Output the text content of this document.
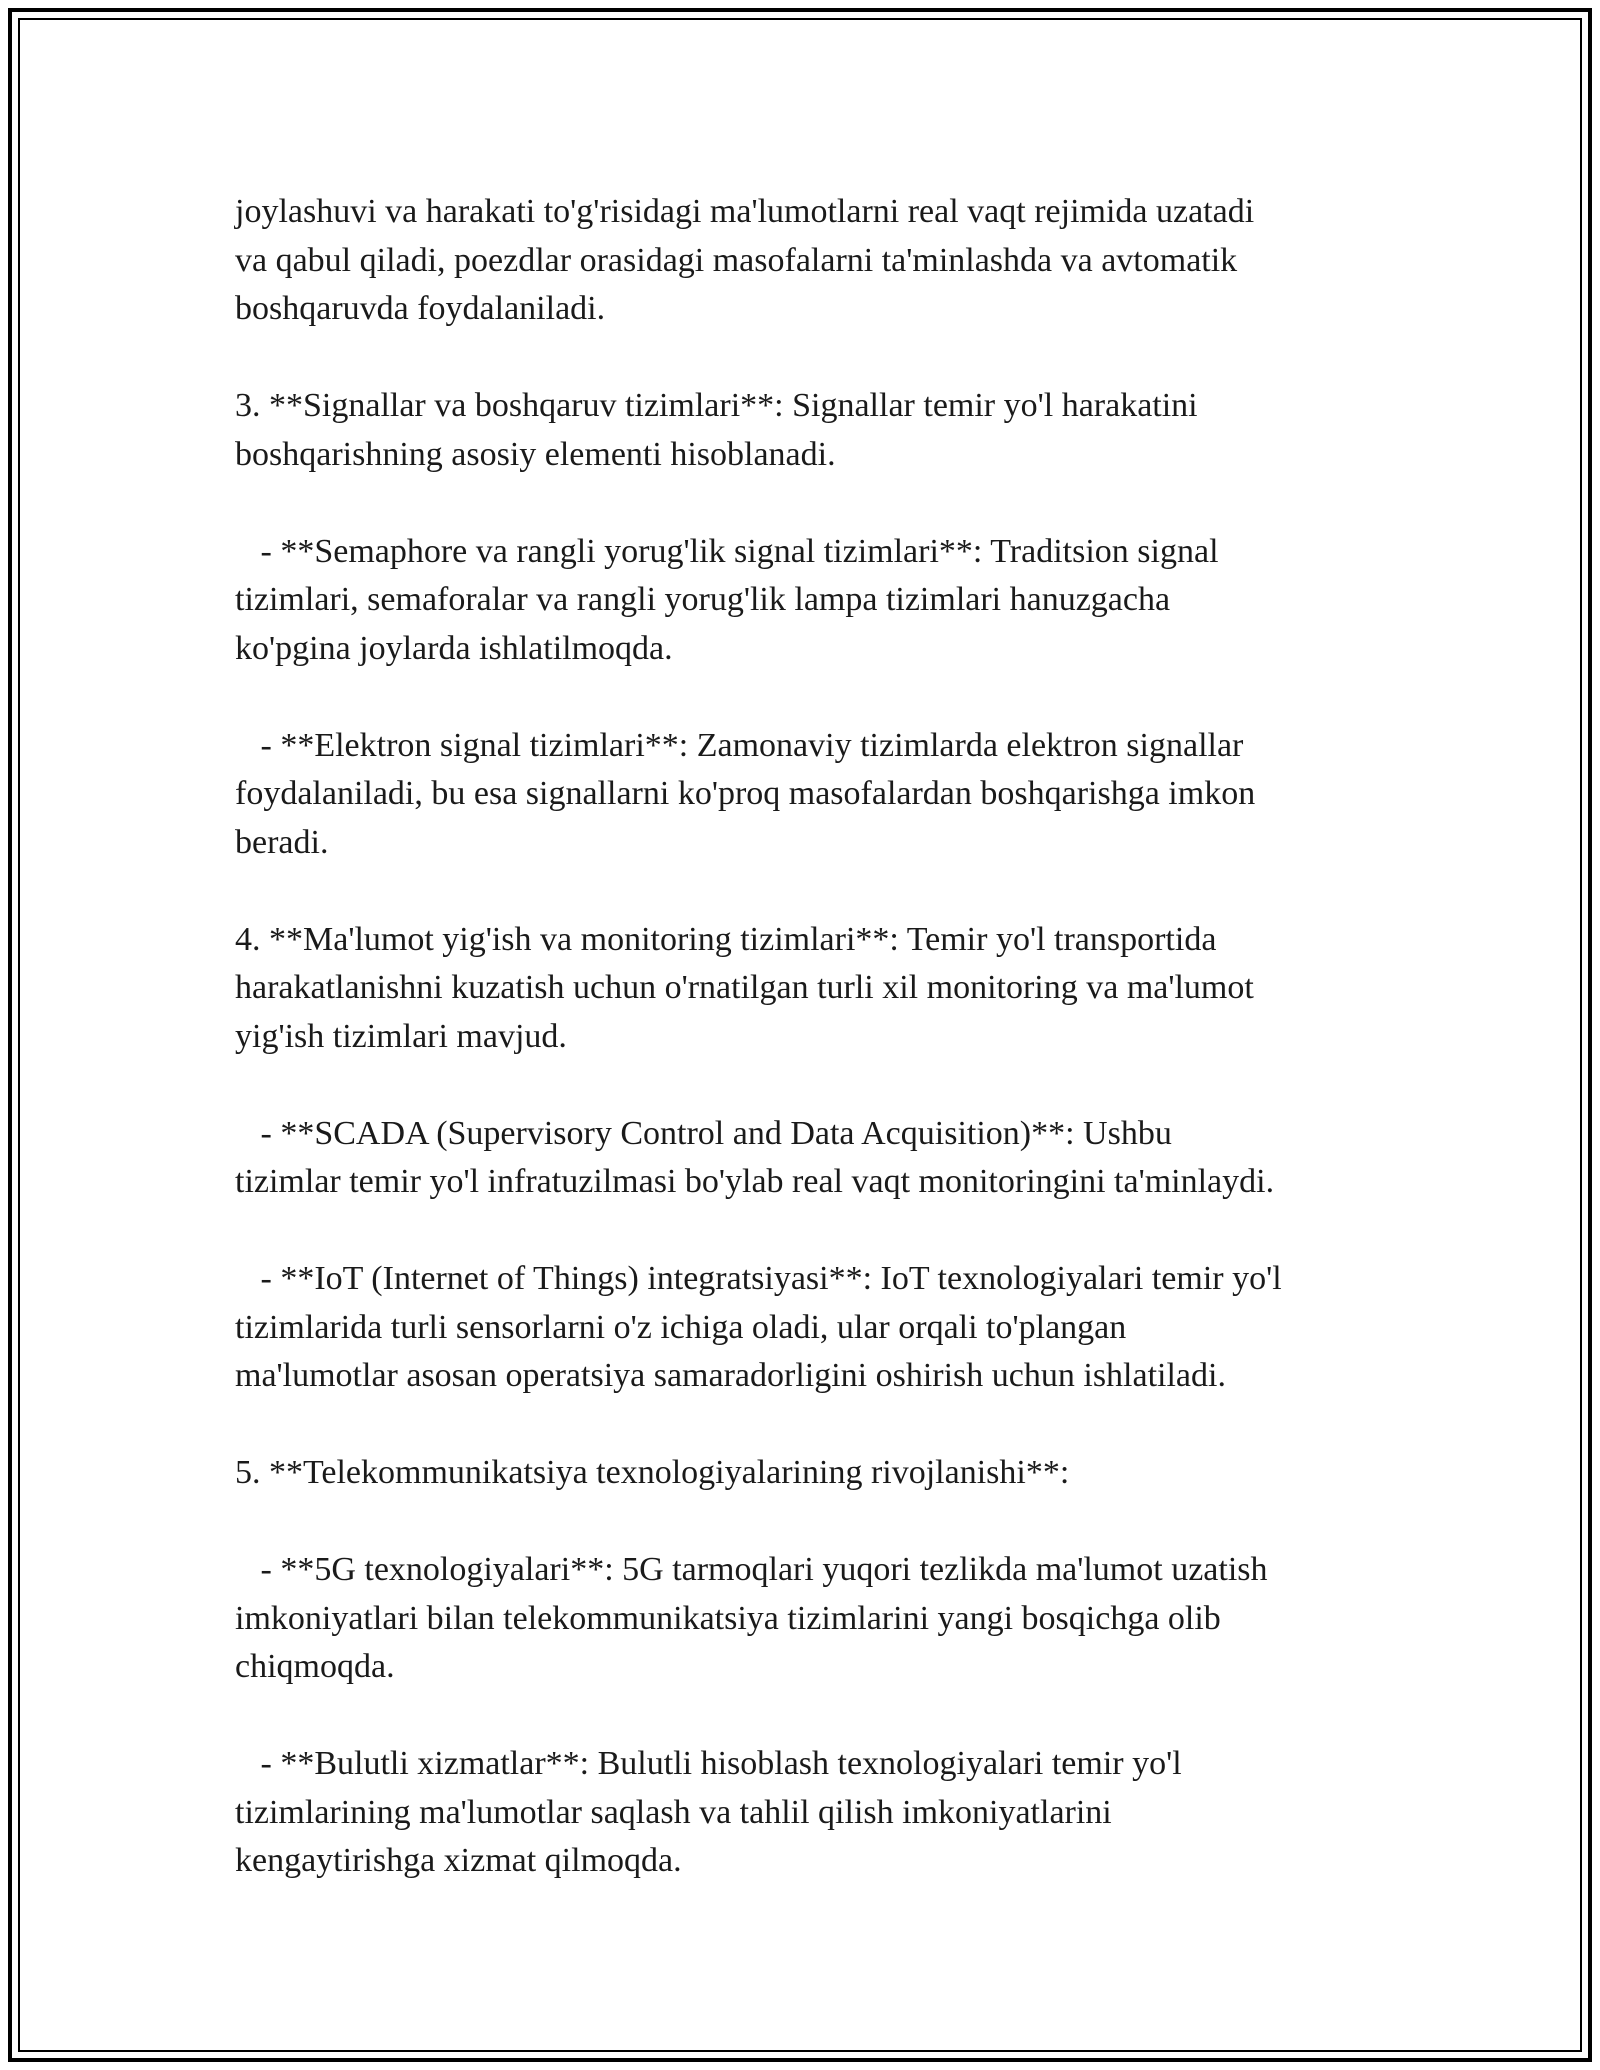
joylashuvi va harakati to'g'risidagi ma'lumotlarni real vaqt rejimida uzatadi
va qabul qiladi, poezdlar orasidagi masofalarni ta'minlashda va avtomatik
boshqaruvda foydalaniladi.

3. **Signallar va boshqaruv tizimlari**: Signallar temir yo'l harakatini
boshqarishning asosiy elementi hisoblanadi.

- **Semaphore va rangli yorug'lik signal tizimlari**: Traditsion signal
tizimlari, semaforalar va rangli yorug'lik lampa tizimlari hanuzgacha
ko'pgina joylarda ishlatilmoqda.

- **Elektron signal tizimlari**: Zamonaviy tizimlarda elektron signallar
foydalaniladi, bu esa signallarni ko'proq masofalardan boshqarishga imkon
beradi.

4. **Ma'lumot yig'ish va monitoring tizimlari**: Temir yo'l transportida
harakatlanishni kuzatish uchun o'rnatilgan turli xil monitoring va ma'lumot
yig'ish tizimlari mavjud.

- **SCADA (Supervisory Control and Data Acquisition)**: Ushbu
tizimlar temir yo'l infratuzilmasi bo'ylab real vaqt monitoringini ta'minlaydi.

- **IoT (Internet of Things) integratsiyasi**: IoT texnologiyalari temir yo'l
tizimlarida turli sensorlarni o'z ichiga oladi, ular orqali to'plangan
ma'lumotlar asosan operatsiya samaradorligini oshirish uchun ishlatiladi.

5. **Telekommunikatsiya texnologiyalarining rivojlanishi**:

- **5G texnologiyalari**: 5G tarmoqlari yuqori tezlikda ma'lumot uzatish
imkoniyatlari bilan telekommunikatsiya tizimlarini yangi bosqichga olib
chiqmoqda.

- **Bulutli xizmatlar**: Bulutli hisoblash texnologiyalari temir yo'l
tizimlarining ma'lumotlar saqlash va tahlil qilish imkoniyatlarini
kengaytirishga xizmat qilmoqda.
